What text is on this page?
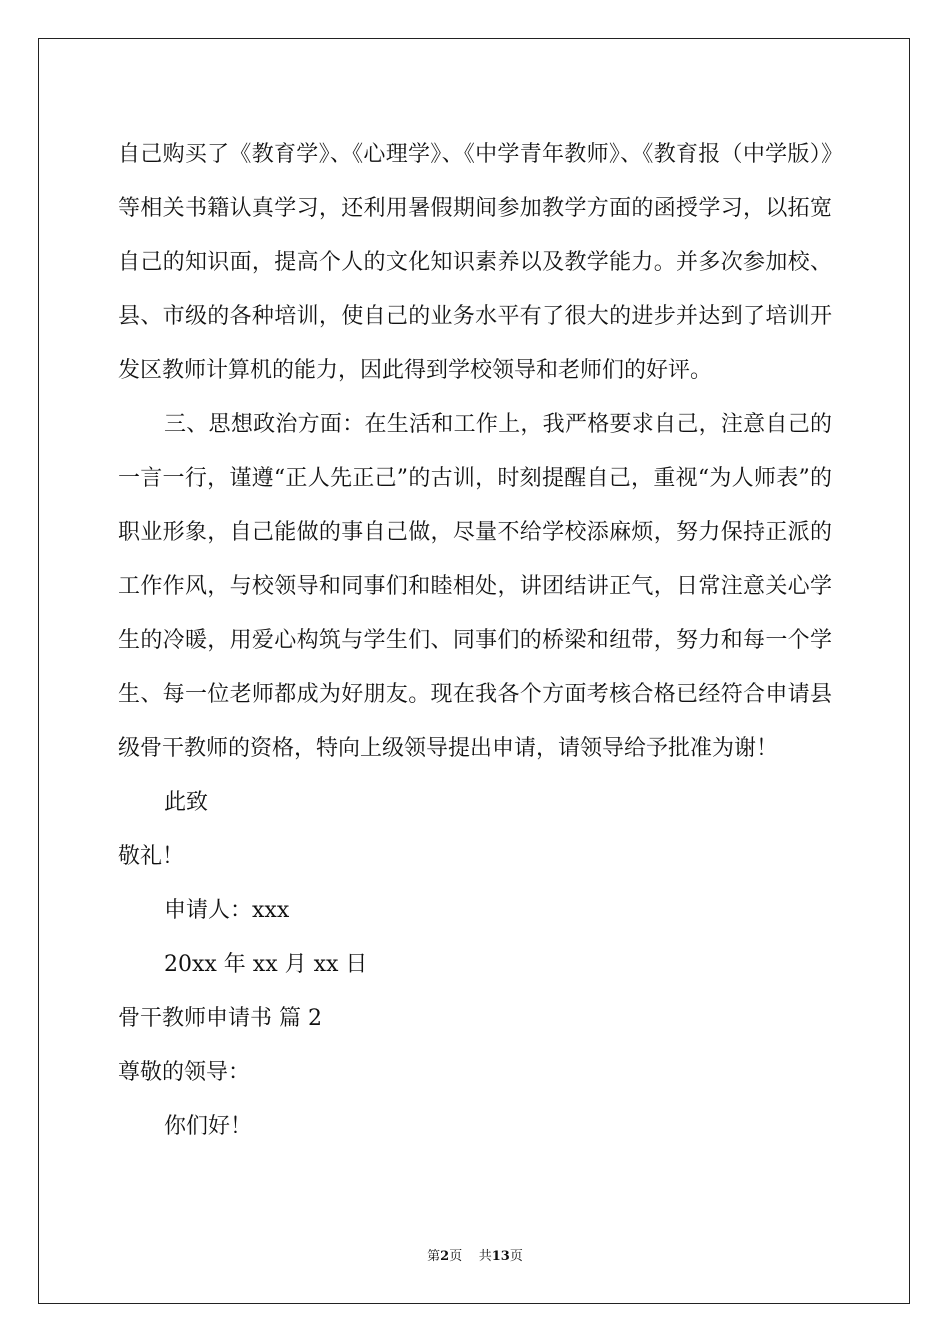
自己购买了《教育学》、《心理学》、《中学青年教师》、《教育报（中学版）》等相关书籍认真学习，还利用暑假期间参加教学方面的函授学习，以拓宽自己的知识面，提高个人的文化知识素养以及教学能力。并多次参加校、县、市级的各种培训，使自己的业务水平有了很大的进步并达到了培训开发区教师计算机的能力，因此得到学校领导和老师们的好评。

三、思想政治方面：在生活和工作上，我严格要求自己，注意自己的一言一行，谨遵“正人先正己”的古训，时刻提醒自己，重视“为人师表”的职业形象，自己能做的事自己做，尽量不给学校添麻烦，努力保持正派的工作作风，与校领导和同事们和睦相处，讲团结讲正气，日常注意关心学生的冷暖，用爱心构筑与学生们、同事们的桥梁和纽带，努力和每一个学生、每一位老师都成为好朋友。现在我各个方面考核合格已经符合申请县级骨干教师的资格，特向上级领导提出申请，请领导给予批准为谢！

此致

敬礼！

申请人：xxx

20xx 年 xx 月 xx 日

骨干教师申请书 篇 2

尊敬的领导：

你们好！

第2页    共13页
